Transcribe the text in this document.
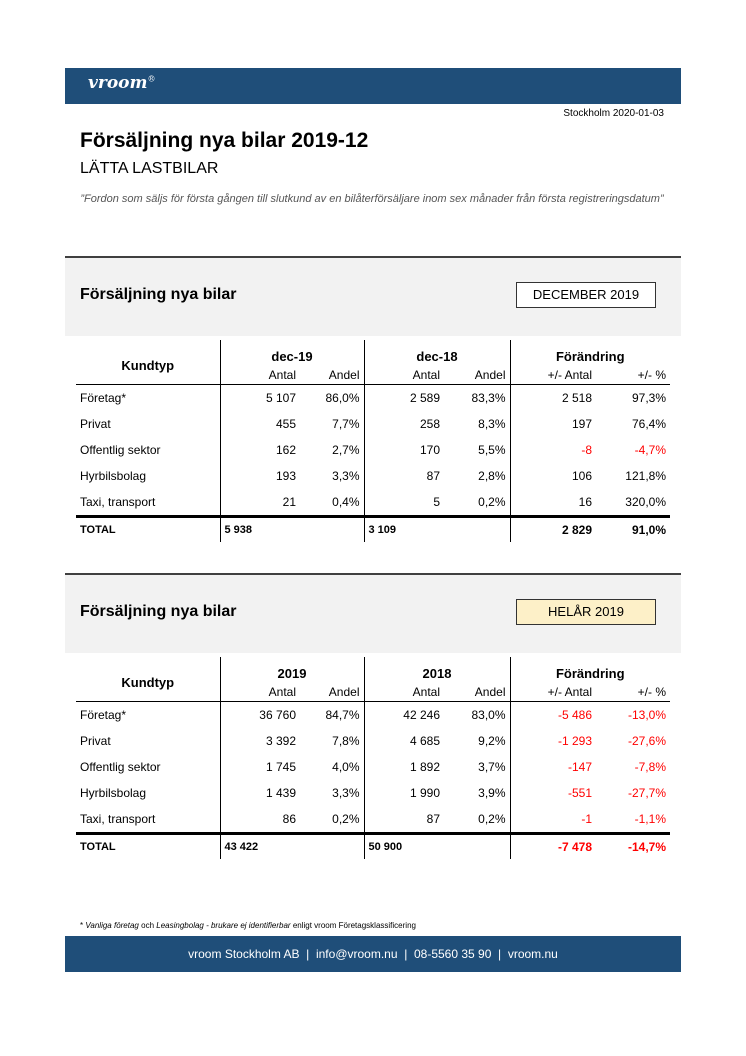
vroom®
Stockholm 2020-01-03
Försäljning nya bilar 2019-12
LÄTTA LASTBILAR
”Fordon som säljs för första gången till slutkund av en bilåterförsäljare inom sex månader från första registreringsdatum”
Försäljning nya bilar	DECEMBER 2019
Kundtyp	dec-19		dec-18		Förändring	
	Antal	Andel	Antal	Andel	+/- Antal	+/- %
Företag*	5 107	86,0%	2 589	83,3%	2 518	97,3%
Privat	455	7,7%	258	8,3%	197	76,4%
Offentlig sektor	162	2,7%	170	5,5%	-8	-4,7%
Hyrbilsbolag	193	3,3%	87	2,8%	106	121,8%
Taxi, transport	21	0,4%	5	0,2%	16	320,0%
TOTAL	5 938		3 109		2 829	91,0%
Försäljning nya bilar	HELÅR 2019
Kundtyp	2019		2018		Förändring	
	Antal	Andel	Antal	Andel	+/- Antal	+/- %
Företag*	36 760	84,7%	42 246	83,0%	-5 486	-13,0%
Privat	3 392	7,8%	4 685	9,2%	-1 293	-27,6%
Offentlig sektor	1 745	4,0%	1 892	3,7%	-147	-7,8%
Hyrbilsbolag	1 439	3,3%	1 990	3,9%	-551	-27,7%
Taxi, transport	86	0,2%	87	0,2%	-1	-1,1%
TOTAL	43 422		50 900		-7 478	-14,7%
* Vanliga företag och Leasingbolag - brukare ej identifierbar enligt vroom Företagsklassificering
vroom Stockholm AB  |  info@vroom.nu  |  08-5560 35 90  |  vroom.nu
